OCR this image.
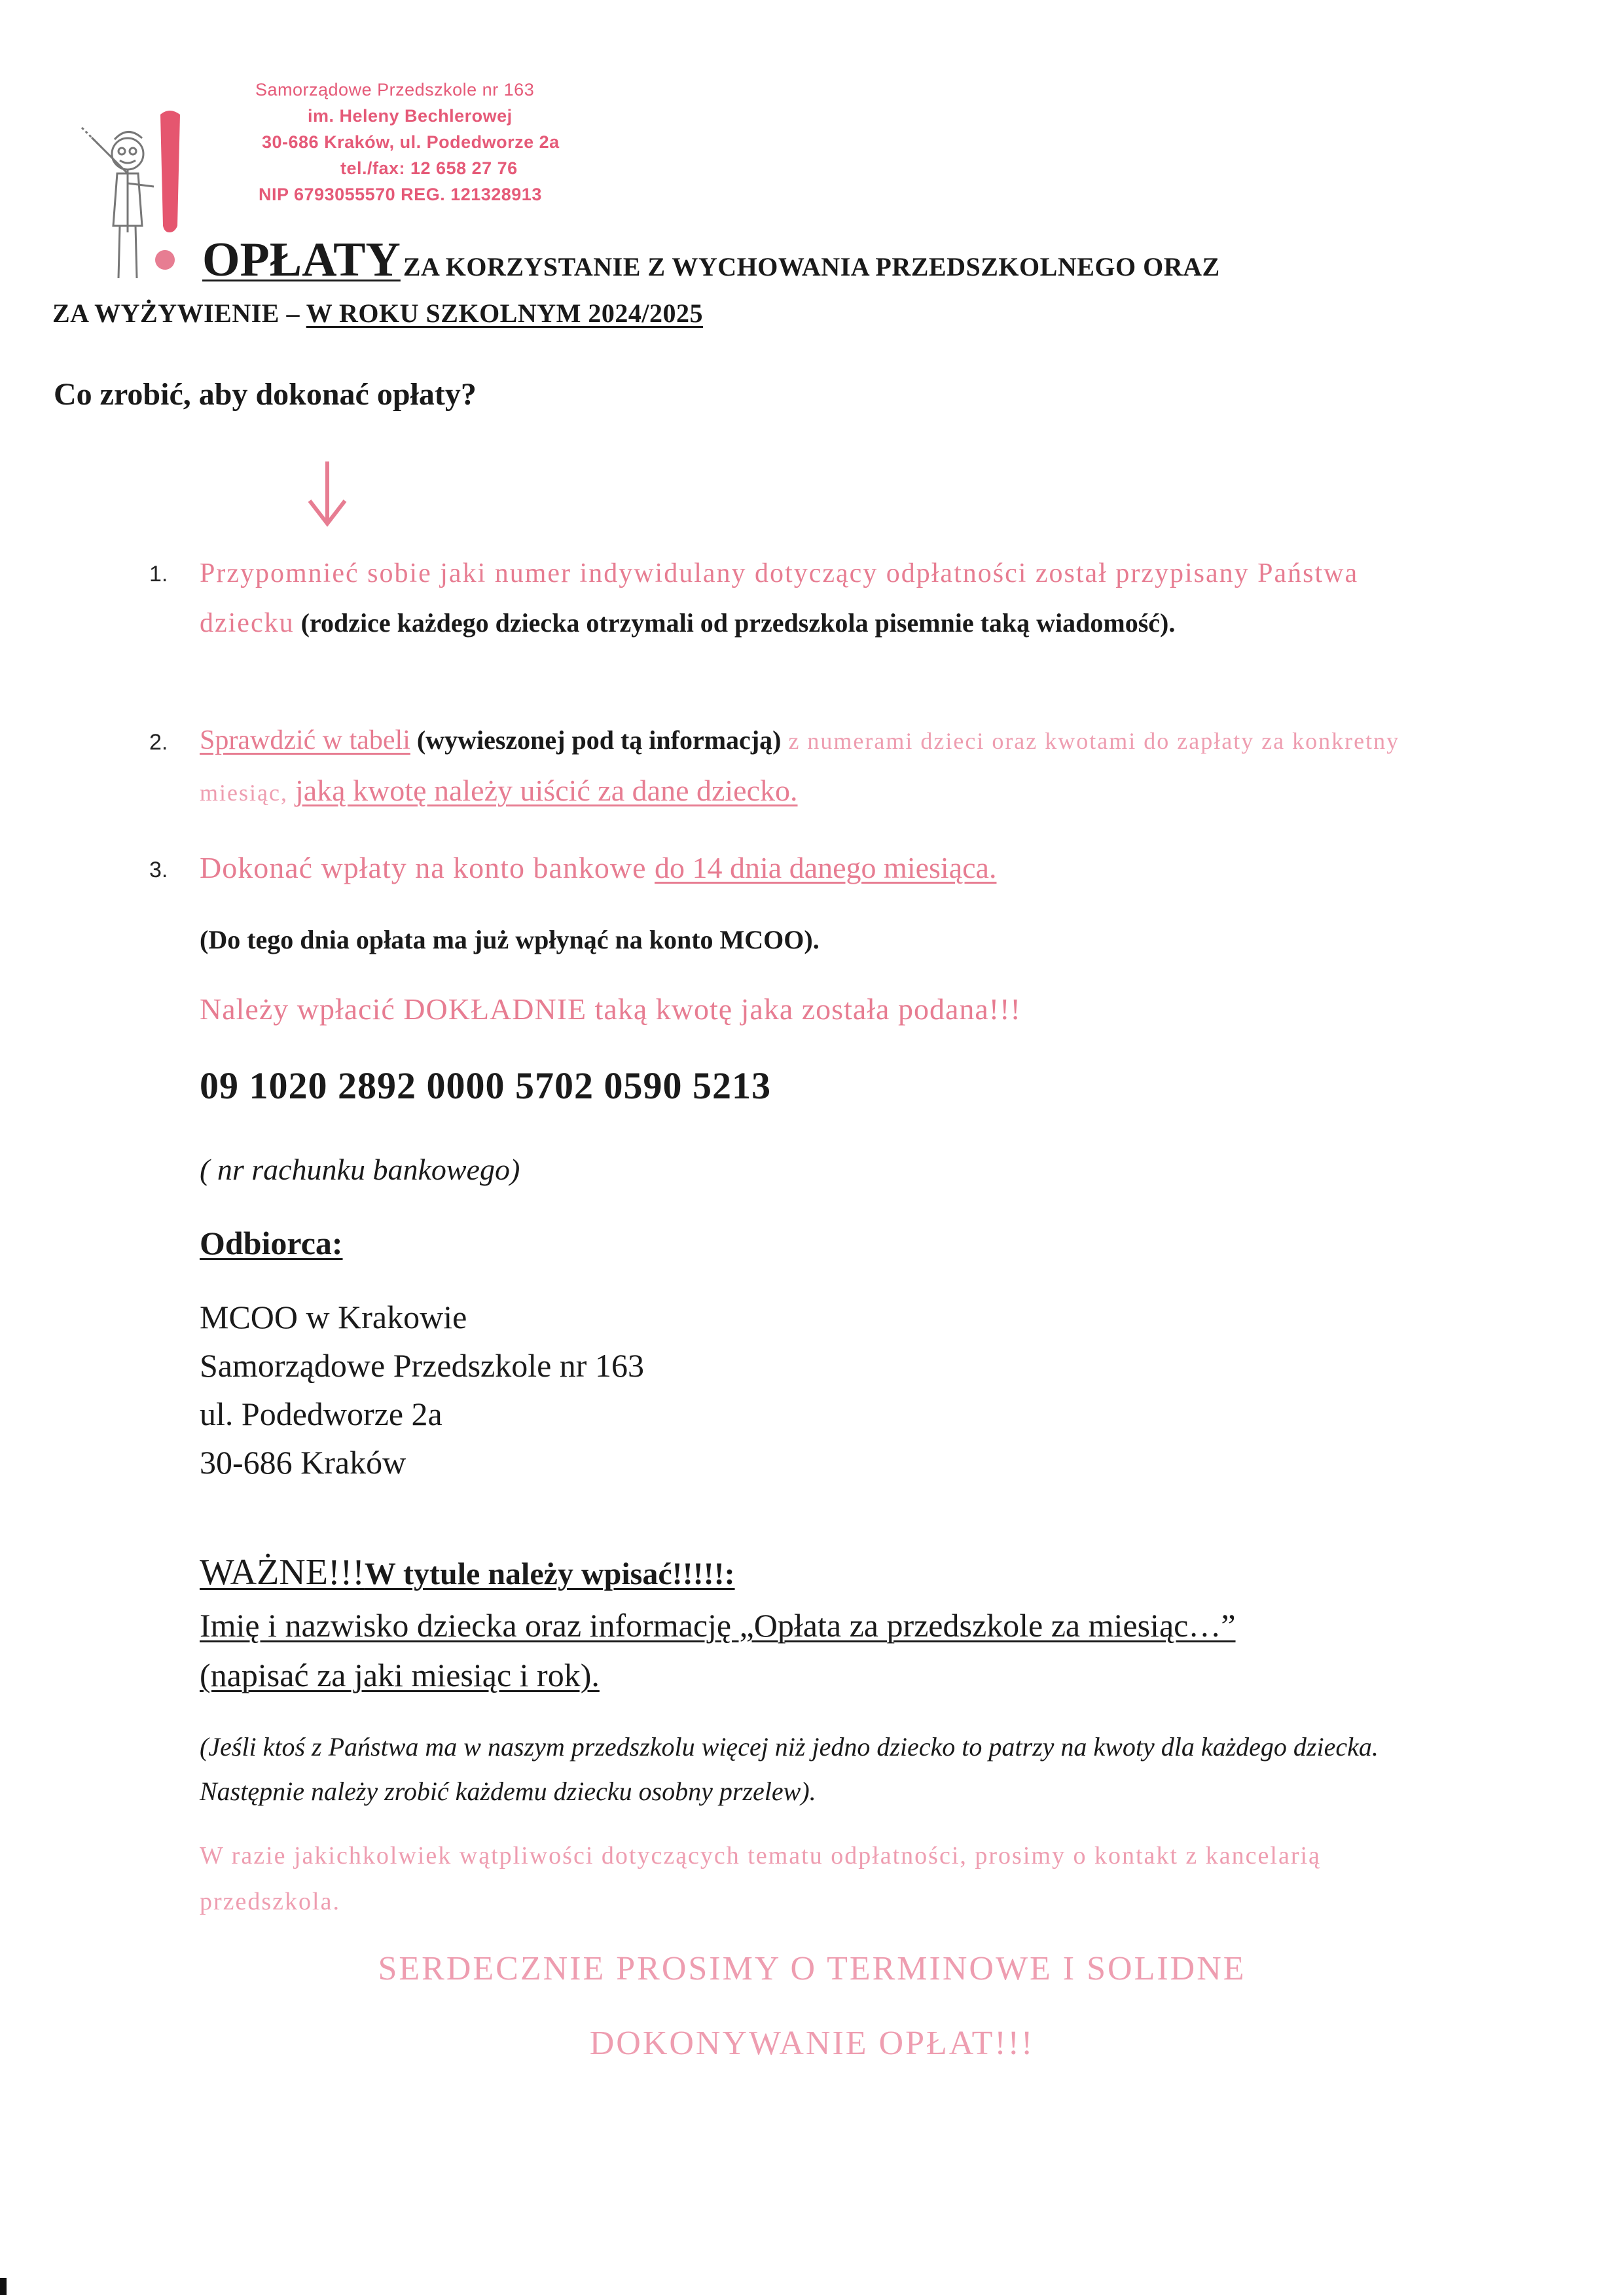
Samorządowe Przedszkole nr 163
im. Heleny Bechlerowej
30-686 Kraków, ul. Podedworze 2a
tel./fax: 12 658 27 76
NIP 6793055570 REG. 121328913
OPŁATY ZA KORZYSTANIE Z WYCHOWANIA PRZEDSZKOLNEGO ORAZ
ZA WYŻYWIENIE – W ROKU SZKOLNYM 2024/2025
Co zrobić, aby dokonać opłaty?
1. Przypomnieć sobie jaki numer indywidulany dotyczący odpłatności został przypisany Państwa dziecku (rodzice każdego dziecka otrzymali od przedszkola pisemnie taką wiadomość).
2. Sprawdzić w tabeli (wywieszonej pod tą informacją) z numerami dzieci oraz kwotami do zapłaty za konkretny miesiąc, jaką kwotę należy uiścić za dane dziecko.
3. Dokonać wpłaty na konto bankowe do 14 dnia danego miesiąca.
(Do tego dnia opłata ma już wpłynąć na konto MCOO).
Należy wpłacić DOKŁADNIE taką kwotę jaka została podana!!!
09 1020 2892 0000 5702 0590 5213
( nr rachunku bankowego)
Odbiorca:
MCOO w Krakowie
Samorządowe Przedszkole nr 163
ul. Podedworze 2a
30-686 Kraków
WAŻNE!!!W tytule należy wpisać!!!!!:
Imię i nazwisko dziecka oraz informację „Opłata za przedszkole za miesiąc…”
(napisać za jaki miesiąc i rok).
(Jeśli ktoś z Państwa ma w naszym przedszkolu więcej niż jedno dziecko to patrzy na kwoty dla każdego dziecka. Następnie należy zrobić każdemu dziecku osobny przelew).
W razie jakichkolwiek wątpliwości dotyczących tematu odpłatności, prosimy o kontakt z kancelarią przedszkola.
SERDECZNIE PROSIMY O TERMINOWE I SOLIDNE
DOKONYWANIE OPŁAT!!!
